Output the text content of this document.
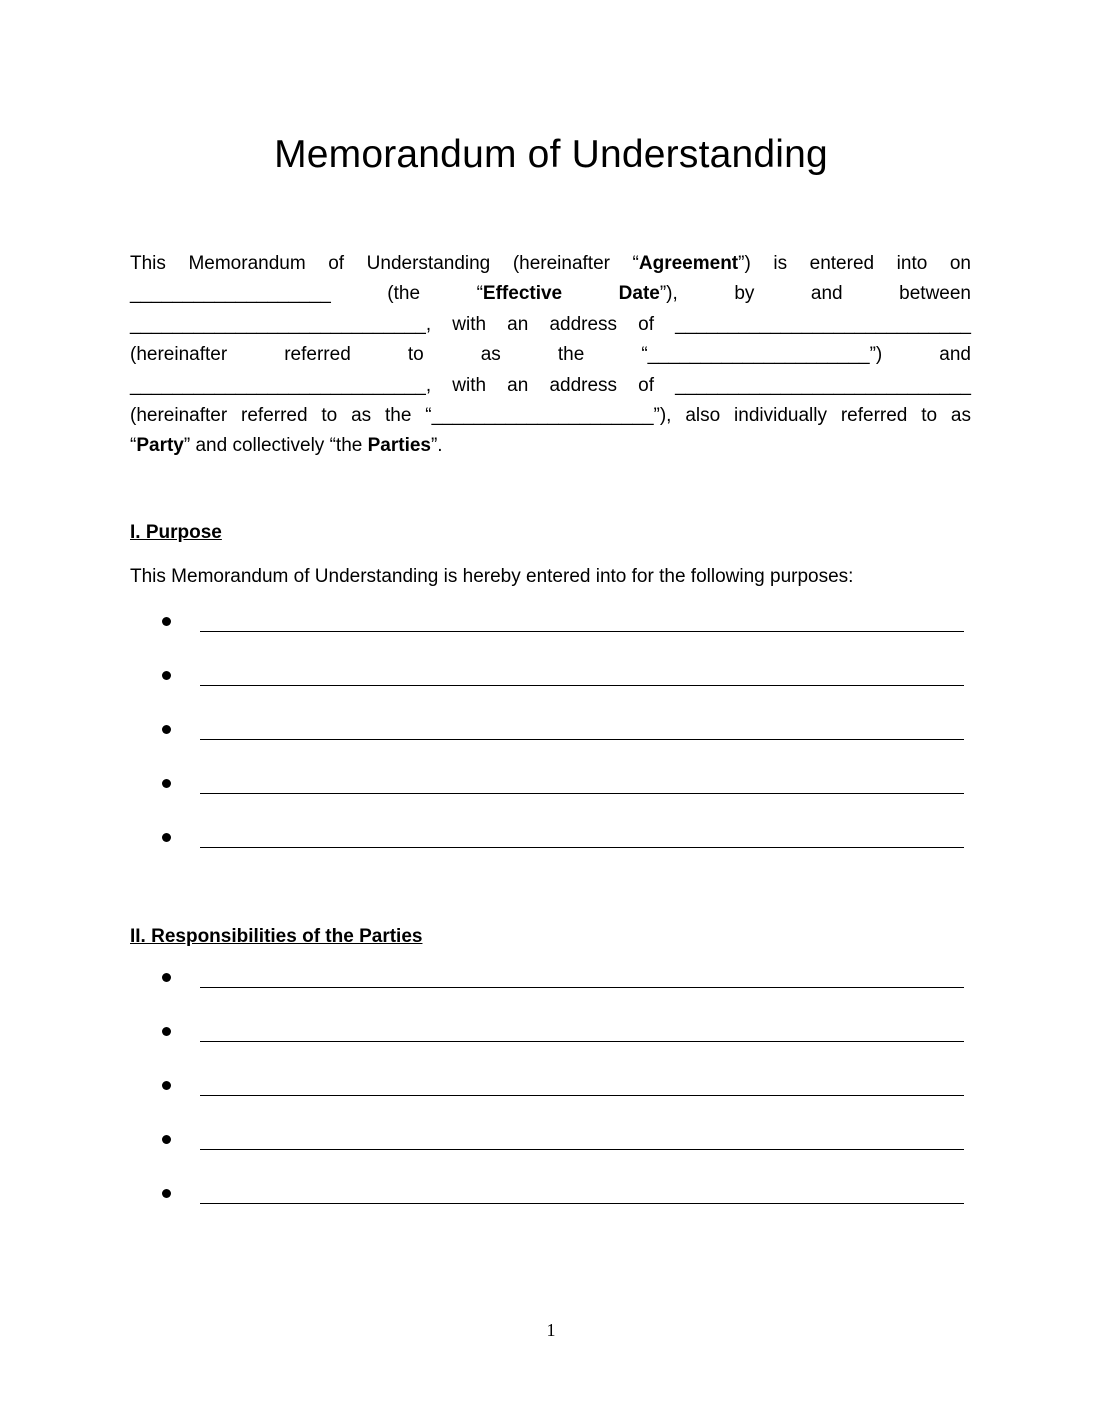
Memorandum of Understanding

This Memorandum of Understanding (hereinafter “Agreement”) is entered into on
___________________ (the “Effective Date”), by and between
____________________________, with an address of ____________________________
(hereinafter referred to as the “_____________________”) and
____________________________, with an address of ____________________________
(hereinafter referred to as the “_____________________”), also individually referred to as
“Party” and collectively “the Parties”.

I. Purpose

This Memorandum of Understanding is hereby entered into for the following purposes:

II. Responsibilities of the Parties
1
